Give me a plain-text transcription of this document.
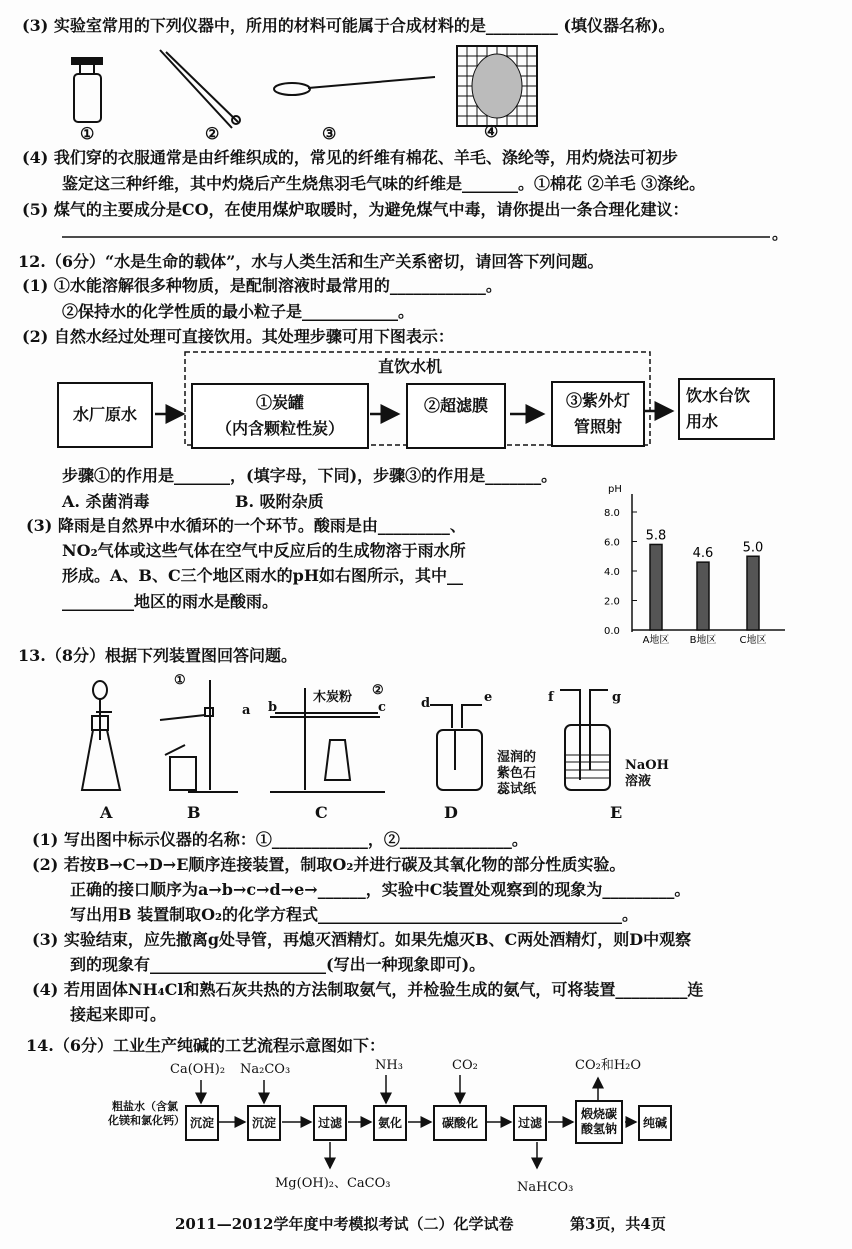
pH
0.0
2.0
4.0
6.0
8.0
5.8
A地区
4.6
B地区
5.0
C地区
(3) 实验室常用的下列仪器中，所用的材料可能属于合成材料的是_________ (填仪器名称)。
①	②	③	④
(4) 我们穿的衣服通常是由纤维织成的，常见的纤维有棉花、羊毛、涤纶等，用灼烧法可初步
鉴定这三种纤维，其中灼烧后产生烧焦羽毛气味的纤维是_______。①棉花 ②羊毛 ③涤纶。
(5) 煤气的主要成分是CO，在使用煤炉取暖时，为避免煤气中毒，请你提出一条合理化建议：
。
12.（6分）“水是生命的载体”，水与人类生活和生产关系密切，请回答下列问题。
(1) ①水能溶解很多种物质，是配制溶液时最常用的____________。
②保持水的化学性质的最小粒子是____________。
(2) 自然水经过处理可直接饮用。其处理步骤可用下图表示：
直饮水机
水厂原水
①炭罐
（内含颗粒性炭）
②超滤膜	③紫外灯
管照射
饮水台饮
用水
步骤①的作用是_______，(填字母，下同)，步骤③的作用是_______。
A. 杀菌消毒	B. 吸附杂质
(3) 降雨是自然界中水循环的一个环节。酸雨是由_________、
NO₂气体或这些气体在空气中反应后的生成物溶于雨水所
形成。A、B、C三个地区雨水的pH如右图所示，其中__
_________地区的雨水是酸雨。
13.（8分）根据下列装置图回答问题。
①
a
木炭粉 ②
b	c	d	e	f	g
湿润的紫色石蕊试纸
NaOH溶液
A	B	C	D	E
(1) 写出图中标示仪器的名称：①____________，②______________。
(2) 若按B→C→D→E顺序连接装置，制取O₂并进行碳及其氧化物的部分性质实验。
正确的接口顺序为a→b→c→d→e→______，实验中C装置处观察到的现象为_________。
写出用B 装置制取O₂的化学方程式______________________________________。
(3) 实验结束，应先撤离g处导管，再熄灭酒精灯。如果先熄灭B、C两处酒精灯，则D中观察
到的现象有______________________(写出一种现象即可)。
(4) 若用固体NH₄Cl和熟石灰共热的方法制取氨气，并检验生成的氨气，可将装置_________连
接起来即可。
14.（6分）工业生产纯碱的工艺流程示意图如下：
Ca(OH)₂ Na₂CO₃	NH₃	CO₂	CO₂和H₂O
粗盐水（含氯化镁和氯化钙） 沉淀	沉淀	过滤	氨化	碳酸化	过滤
煅烧碳酸氢钠	纯碱
Mg(OH)₂、CaCO₃	NaHCO₃
2011—2012学年度中考模拟考试（二）化学试卷	第3页，共4页
